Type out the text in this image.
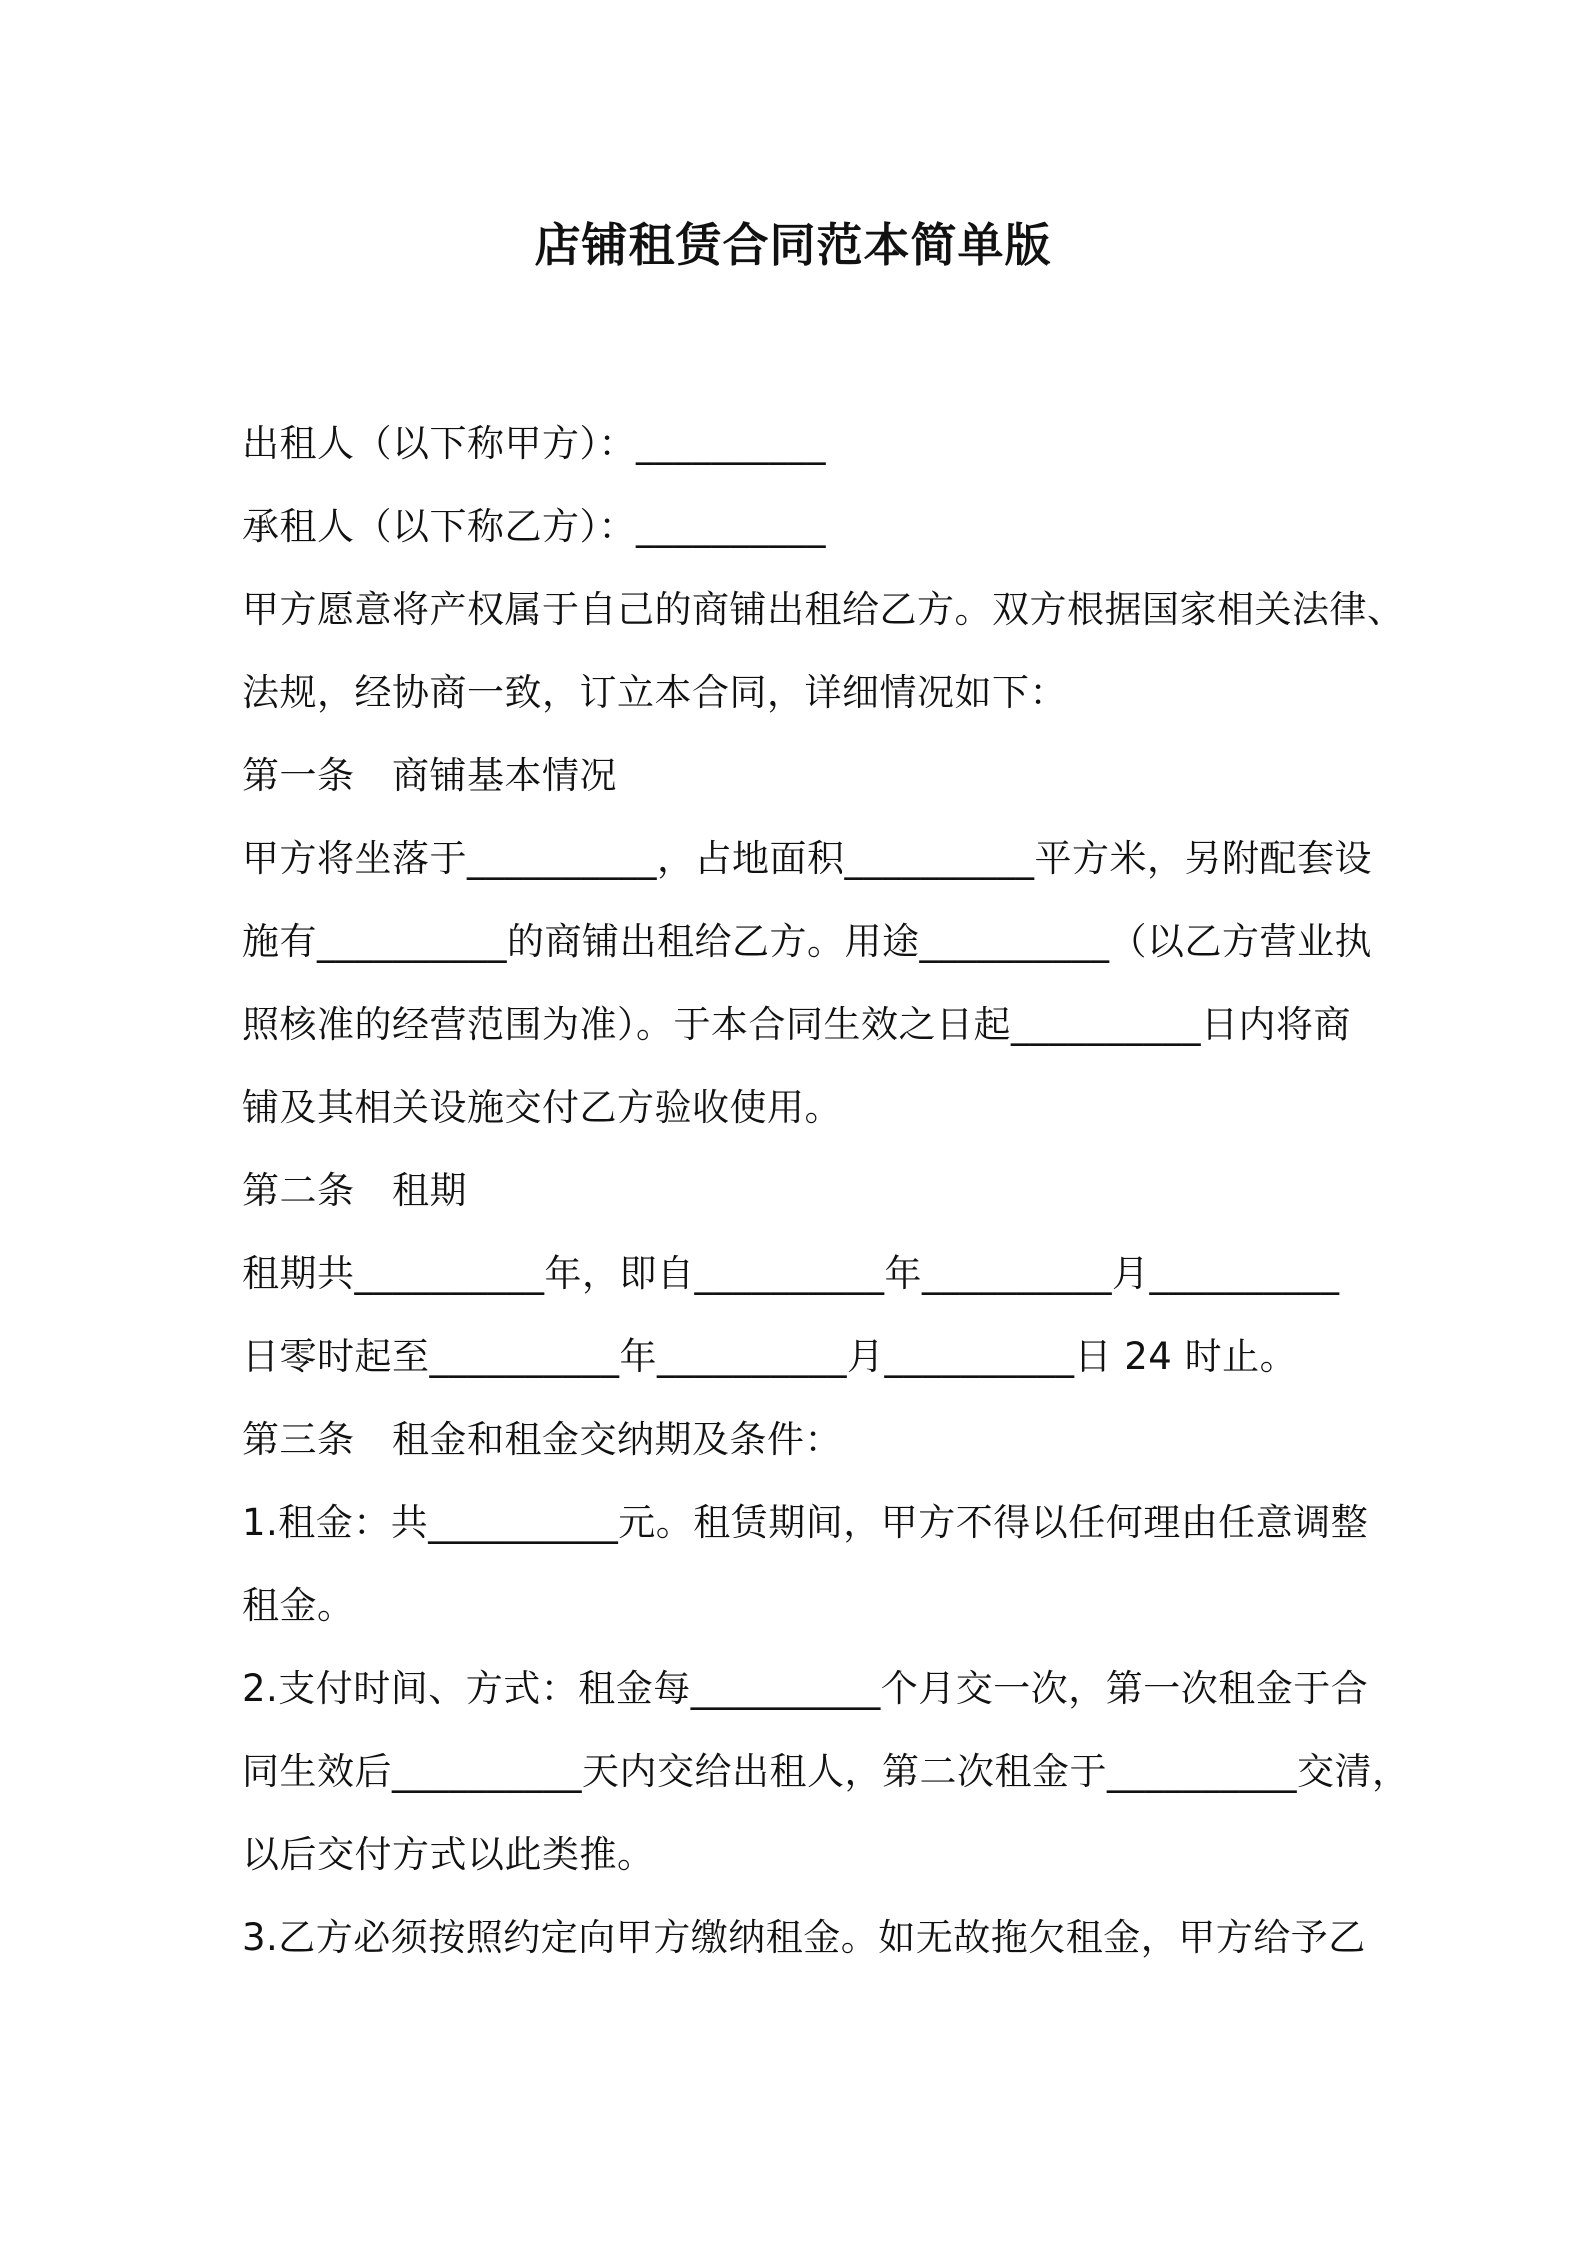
店铺租赁合同范本简单版
出租人（以下称甲方）：__________
承租人（以下称乙方）：__________
甲方愿意将产权属于自己的商铺出租给乙方。双方根据国家相关法律、
法规，经协商一致，订立本合同，详细情况如下：
第一条　商铺基本情况
甲方将坐落于__________，占地面积__________平方米，另附配套设
施有__________的商铺出租给乙方。用途__________（以乙方营业执
照核准的经营范围为准）。于本合同生效之日起__________日内将商
铺及其相关设施交付乙方验收使用。
第二条　租期
租期共__________年，即自__________年__________月__________
日零时起至__________年__________月__________日 24 时止。
第三条　租金和租金交纳期及条件：
1.租金：共__________元。租赁期间，甲方不得以任何理由任意调整
租金。
2.支付时间、方式：租金每__________个月交一次，第一次租金于合
同生效后__________天内交给出租人，第二次租金于__________交清，
以后交付方式以此类推。
3.乙方必须按照约定向甲方缴纳租金。如无故拖欠租金，甲方给予乙
